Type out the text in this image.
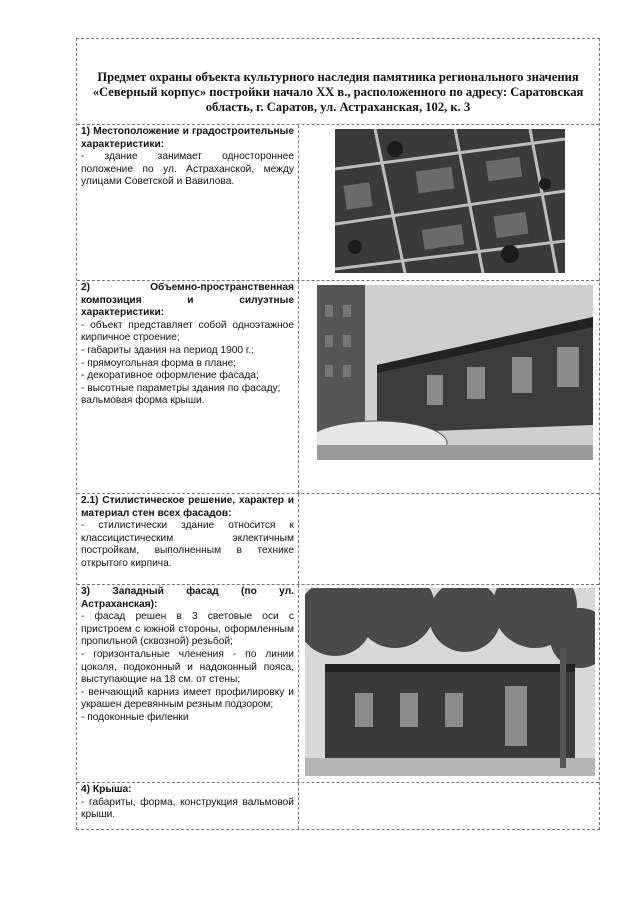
Предмет охраны объекта культурного наследия памятника регионального значения «Северный корпус» постройки начало XX в., расположенного по адресу: Саратовская область, г. Саратов, ул. Астраханская, 102, к. 3
1) Местоположение и градостроительные характеристики:
- здание занимает одностороннее положение по ул. Астраханской, между улицами Советской и Вавилова.
2) Объемно-пространственная композиция и силуэтные характеристики:
- объект представляет собой одноэтажное кирпичное строение;
- габариты здания на период 1900 г.;
- прямоугольная форма в плане;
- декоративное оформление фасада;
- высотные параметры здания по фасаду;
вальмовая форма крыши.
2.1) Стилистическое решение, характер и материал стен всех фасадов:
- стилистически здание относится к классицистическим эклектичным постройкам, выполненным в технике открытого кирпича.
3) Западный фасад (по ул. Астраханская):
- фасад решен в 3 световые оси с пристроем с южной стороны, оформленным пропильной (сквозной) резьбой;
- горизонтальные членения - по линии цоколя, подоконный и надоконный пояса, выступающие на 18 см. от стены;
- венчающий карниз имеет профилировку и украшен деревянным резным подзором;
- подоконные филенки
4) Крыша:
- габариты, форма, конструкция вальмовой крыши.
